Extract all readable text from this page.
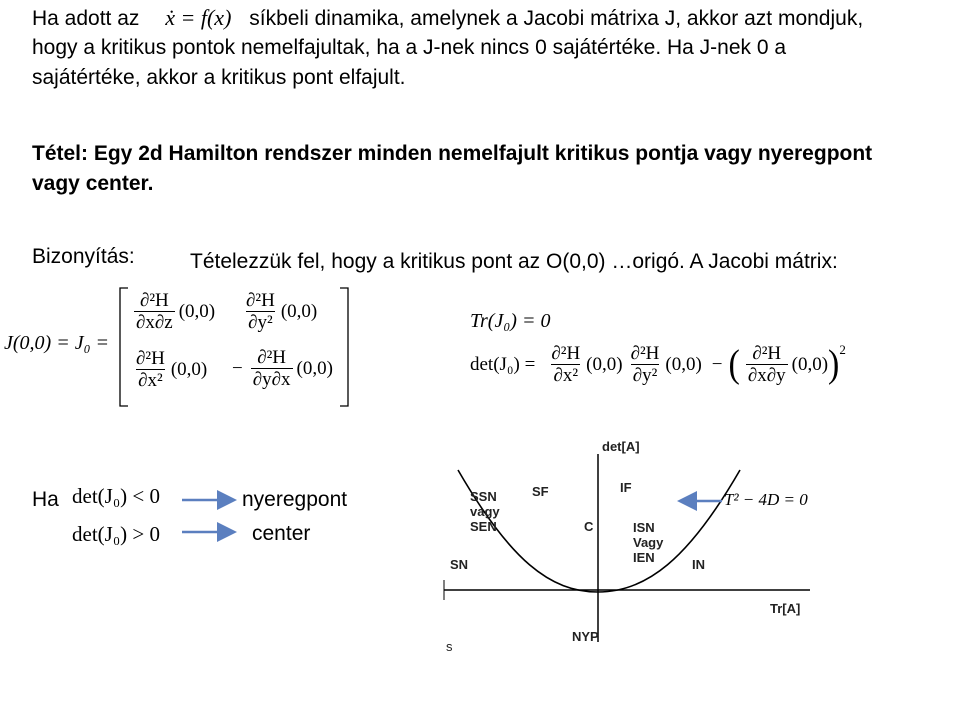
Ha adott az ẋ = f(x) síkbeli dinamika, amelynek a Jacobi mátrixa J, akkor azt mondjuk,
hogy a kritikus pontok nemelfajultak, ha a J-nek nincs 0 sajátértéke. Ha J-nek 0 a
sajátértéke, akkor a kritikus pont elfajult.
Tétel: Egy 2d Hamilton rendszer minden nemelfajult kritikus pontja vagy nyeregpont
vagy center.
Bizonyítás:	Tételezzük fel, hogy a kritikus pont az O(0,0) …origó. A Jacobi mátrix:
J(0,0) = J₀ =
$\frac{\text{∂²H}}{\partial x\partial z} (0,0) \frac{\text{∂²H}}{\text{∂y²}} (0,0)$
$\frac{\text{∂²H}}{\text{∂x²}} (0,0) - \frac{\text{∂²H}}{\partial y\partial x} (0,0)$
Tr(J₀) = 0
$\det(J_0) = \frac{\text{∂²H}}{\text{∂x²}} (0,0) \frac{\text{∂²H}}{\text{∂y²}} (0,0)$ − ( $\frac{\text{∂²H}}{\partial x\partial y} (0,0)$ )$^2$
Ha det(J₀) < 0
det(J₀) > 0
nyeregpont
center
det[A]
Tr[A]
SSN
vagy
SEN
SF	IF
C	ISN
Vagy
IEN
SN	IN
NYP
s
T² − 4D = 0
